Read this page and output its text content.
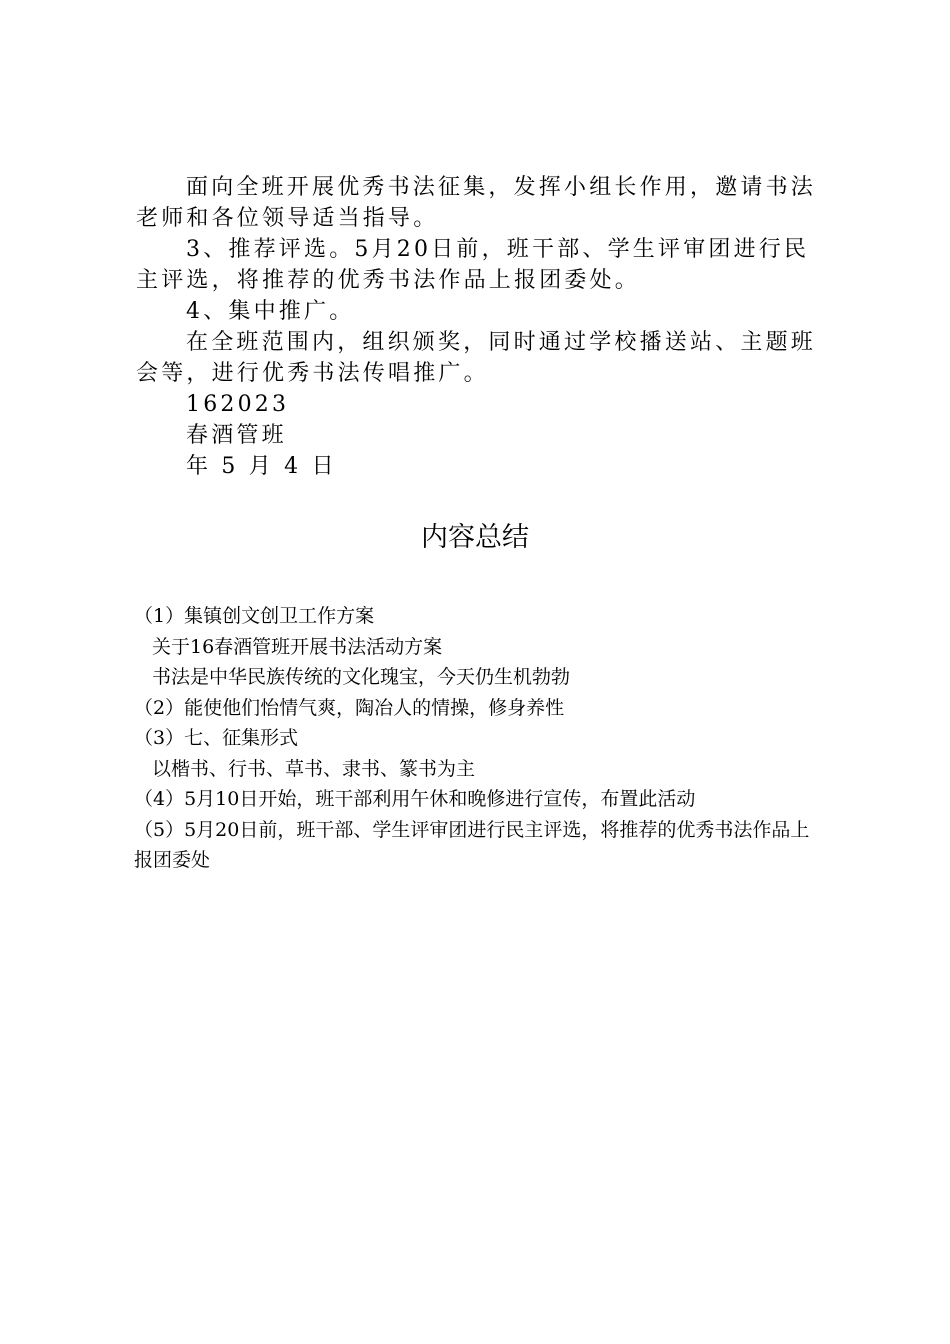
面向全班开展优秀书法征集，发挥小组长作用，邀请书法老师和各位领导适当指导。

3、推荐评选。5月20日前，班干部、学生评审团进行民主评选，将推荐的优秀书法作品上报团委处。

4、集中推广。

在全班范围内，组织颁奖，同时通过学校播送站、主题班会等，进行优秀书法传唱推广。

162023

春酒管班

年 5 月 4 日

内容总结

（1）集镇创文创卫工作方案

关于16春酒管班开展书法活动方案

书法是中华民族传统的文化瑰宝，今天仍生机勃勃

（2）能使他们怡情气爽，陶冶人的情操，修身养性

（3）七、征集形式

以楷书、行书、草书、隶书、篆书为主

（4）5月10日开始，班干部利用午休和晚修进行宣传，布置此活动

（5）5月20日前，班干部、学生评审团进行民主评选，将推荐的优秀书法作品上报团委处
